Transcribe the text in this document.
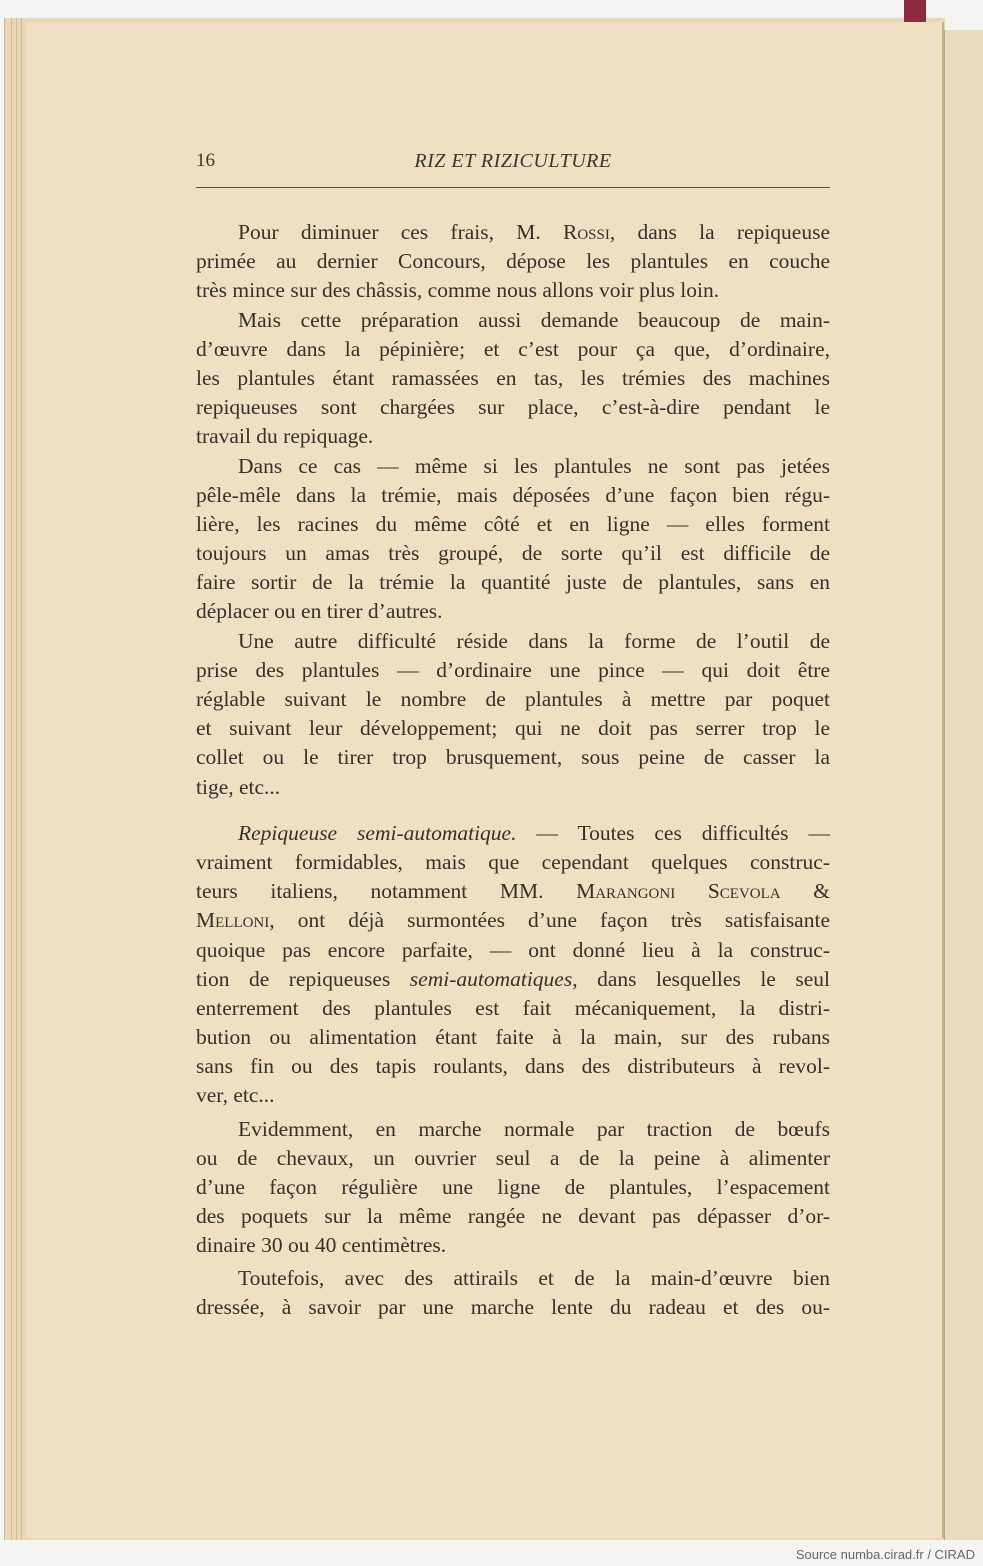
16	RIZ ET RIZICULTURE
Pour diminuer ces frais, M. Rossi, dans la repiqueuse
primée au dernier Concours, dépose les plantules en couche
très mince sur des châssis, comme nous allons voir plus loin.
Mais cette préparation aussi demande beaucoup de main-
d’œuvre dans la pépinière; et c’est pour ça que, d’ordinaire,
les plantules étant ramassées en tas, les trémies des machines
repiqueuses sont chargées sur place, c’est-à-dire pendant le
travail du repiquage.
Dans ce cas — même si les plantules ne sont pas jetées
pêle-mêle dans la trémie, mais déposées d’une façon bien régu-
lière, les racines du même côté et en ligne — elles forment
toujours un amas très groupé, de sorte qu’il est difficile de
faire sortir de la trémie la quantité juste de plantules, sans en
déplacer ou en tirer d’autres.
Une autre difficulté réside dans la forme de l’outil de
prise des plantules — d’ordinaire une pince — qui doit être
réglable suivant le nombre de plantules à mettre par poquet
et suivant leur développement; qui ne doit pas serrer trop le
collet ou le tirer trop brusquement, sous peine de casser la
tige, etc...
Repiqueuse semi-automatique. — Toutes ces difficultés —
vraiment formidables, mais que cependant quelques construc-
teurs italiens, notamment MM. Marangoni Scevola &
Melloni, ont déjà surmontées d’une façon très satisfaisante
quoique pas encore parfaite, — ont donné lieu à la construc-
tion de repiqueuses semi-automatiques, dans lesquelles le seul
enterrement des plantules est fait mécaniquement, la distri-
bution ou alimentation étant faite à la main, sur des rubans
sans fin ou des tapis roulants, dans des distributeurs à revol-
ver, etc...
Evidemment, en marche normale par traction de bœufs
ou de chevaux, un ouvrier seul a de la peine à alimenter
d’une façon régulière une ligne de plantules, l’espacement
des poquets sur la même rangée ne devant pas dépasser d’or-
dinaire 30 ou 40 centimètres.
Toutefois, avec des attirails et de la main-d’œuvre bien
dressée, à savoir par une marche lente du radeau et des ou-
Source numba.cirad.fr / CIRAD
